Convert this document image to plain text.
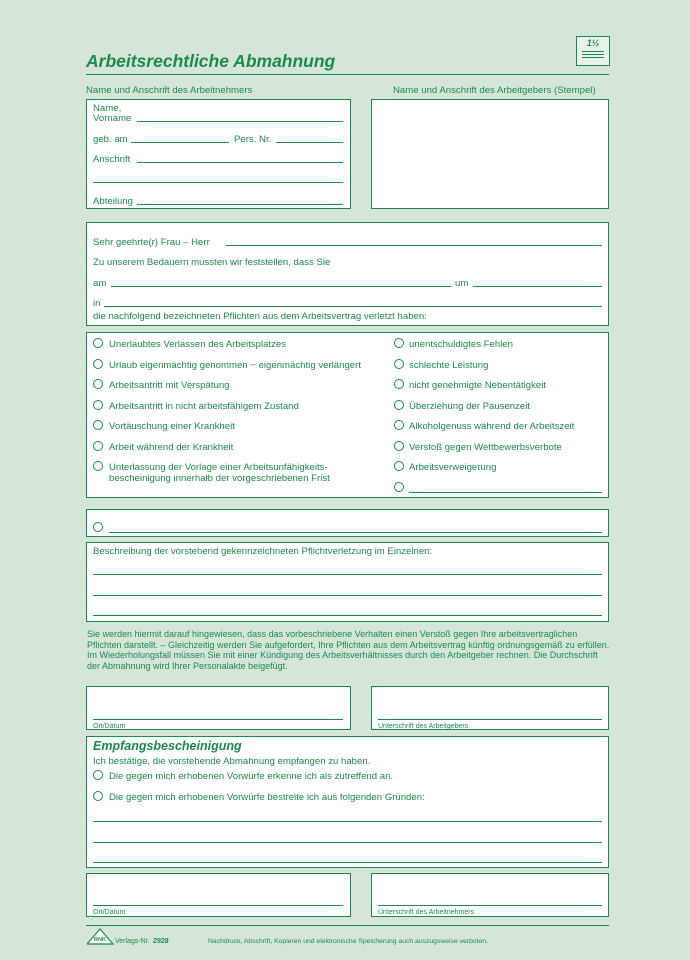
1½
Arbeitsrechtliche Abmahnung
Name und Anschrift des Arbeitnehmers	Name und Anschrift des Arbeitgebers (Stempel)
Name,
Vorname
geb. am	Pers. Nr.
Anschrift
Abteilung
Sehr geehrte(r) Frau – Herr
Zu unserem Bedauern mussten wir feststellen, dass Sie
am	um
in
die nachfolgend bezeichneten Pflichten aus dem Arbeitsvertrag verletzt haben:
Unerlaubtes Verlassen des Arbeitsplatzes
Urlaub eigenmächtig genommen − eigenmächtig verlängert
Arbeitsantritt mit Verspätung
Arbeitsantritt in nicht arbeitsfähigem Zustand
Vortäuschung einer Krankheit
Arbeit während der Krankheit
Unterlassung der Vorlage einer Arbeitsunfähigkeits-
bescheinigung innerhalb der vorgeschriebenen Frist
unentschuldigtes Fehlen
schlechte Leistung
nicht genehmigte Nebentätigkeit
Überziehung der Pausenzeit
Alkoholgenuss während der Arbeitszeit
Verstoß gegen Wettbewerbsverbote
Arbeitsverweigerung
Beschreibung der vorstehend gekennzeichneten Pflichtverletzung im Einzelnen:
Sie werden hiermit darauf hingewiesen, dass das vorbeschriebene Verhalten einen Verstoß gegen Ihre arbeitsvertraglichen Pflichten darstellt. – Gleichzeitig werden Sie aufgefordert, Ihre Pflichten aus dem Arbeitsvertrag künftig ordnungsgemäß zu erfüllen. Im Wiederholungsfall müssen Sie mit einer Kündigung des Arbeitsverhältnisses durch den Arbeitgeber rechnen. Die Durchschrift der Abmahnung wird Ihrer Personalakte beigefügt.
Ort/Datum	Unterschrift des Arbeitgebers
Empfangsbescheinigung
Ich bestätige, die vorstehende Abmahnung empfangen zu haben.
Die gegen mich erhobenen Vorwürfe erkenne ich als zutreffend an.
Die gegen mich erhobenen Vorwürfe bestreite ich aus folgenden Gründen:
Ort/Datum	Unterschrift des Arbeitnehmers
RNK Verlags-Nr. 2928	Nachdruck, Abschrift, Kopieren und elektronische Speicherung auch auszugsweise verboten.
